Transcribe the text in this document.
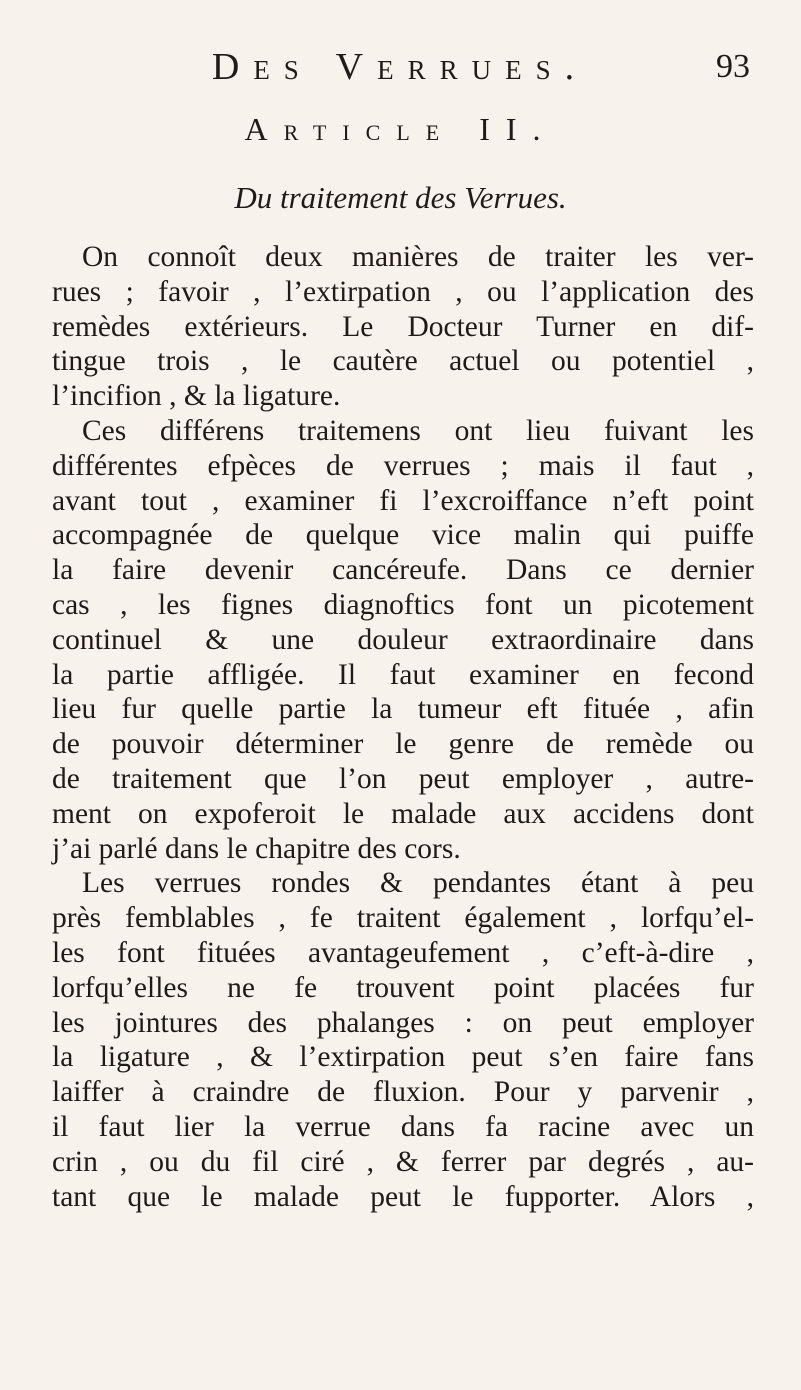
Des Verrues.	93
Article II.
Du traitement des Verrues.
On connoît deux manières de traiter les ver-
rues ; favoir , l’extirpation , ou l’application des
remèdes extérieurs. Le Docteur Turner en dif-
tingue trois , le cautère actuel ou potentiel ,
l’incifion , & la ligature.
Ces différens traitemens ont lieu fuivant les
différentes efpèces de verrues ; mais il faut ,
avant tout , examiner fi l’excroiffance n’eft point
accompagnée de quelque vice malin qui puiffe
la faire devenir cancéreufe. Dans ce dernier
cas , les fignes diagnoftics font un picotement
continuel & une douleur extraordinaire dans
la partie affligée. Il faut examiner en fecond
lieu fur quelle partie la tumeur eft fituée , afin
de pouvoir déterminer le genre de remède ou
de traitement que l’on peut employer , autre-
ment on expoferoit le malade aux accidens dont
j’ai parlé dans le chapitre des cors.
Les verrues rondes & pendantes étant à peu
près femblables , fe traitent également , lorfqu’el-
les font fituées avantageufement , c’eft-à-dire ,
lorfqu’elles ne fe trouvent point placées fur
les jointures des phalanges : on peut employer
la ligature , & l’extirpation peut s’en faire fans
laiffer à craindre de fluxion. Pour y parvenir ,
il faut lier la verrue dans fa racine avec un
crin , ou du fil ciré , & ferrer par degrés , au-
tant que le malade peut le fupporter. Alors ,
